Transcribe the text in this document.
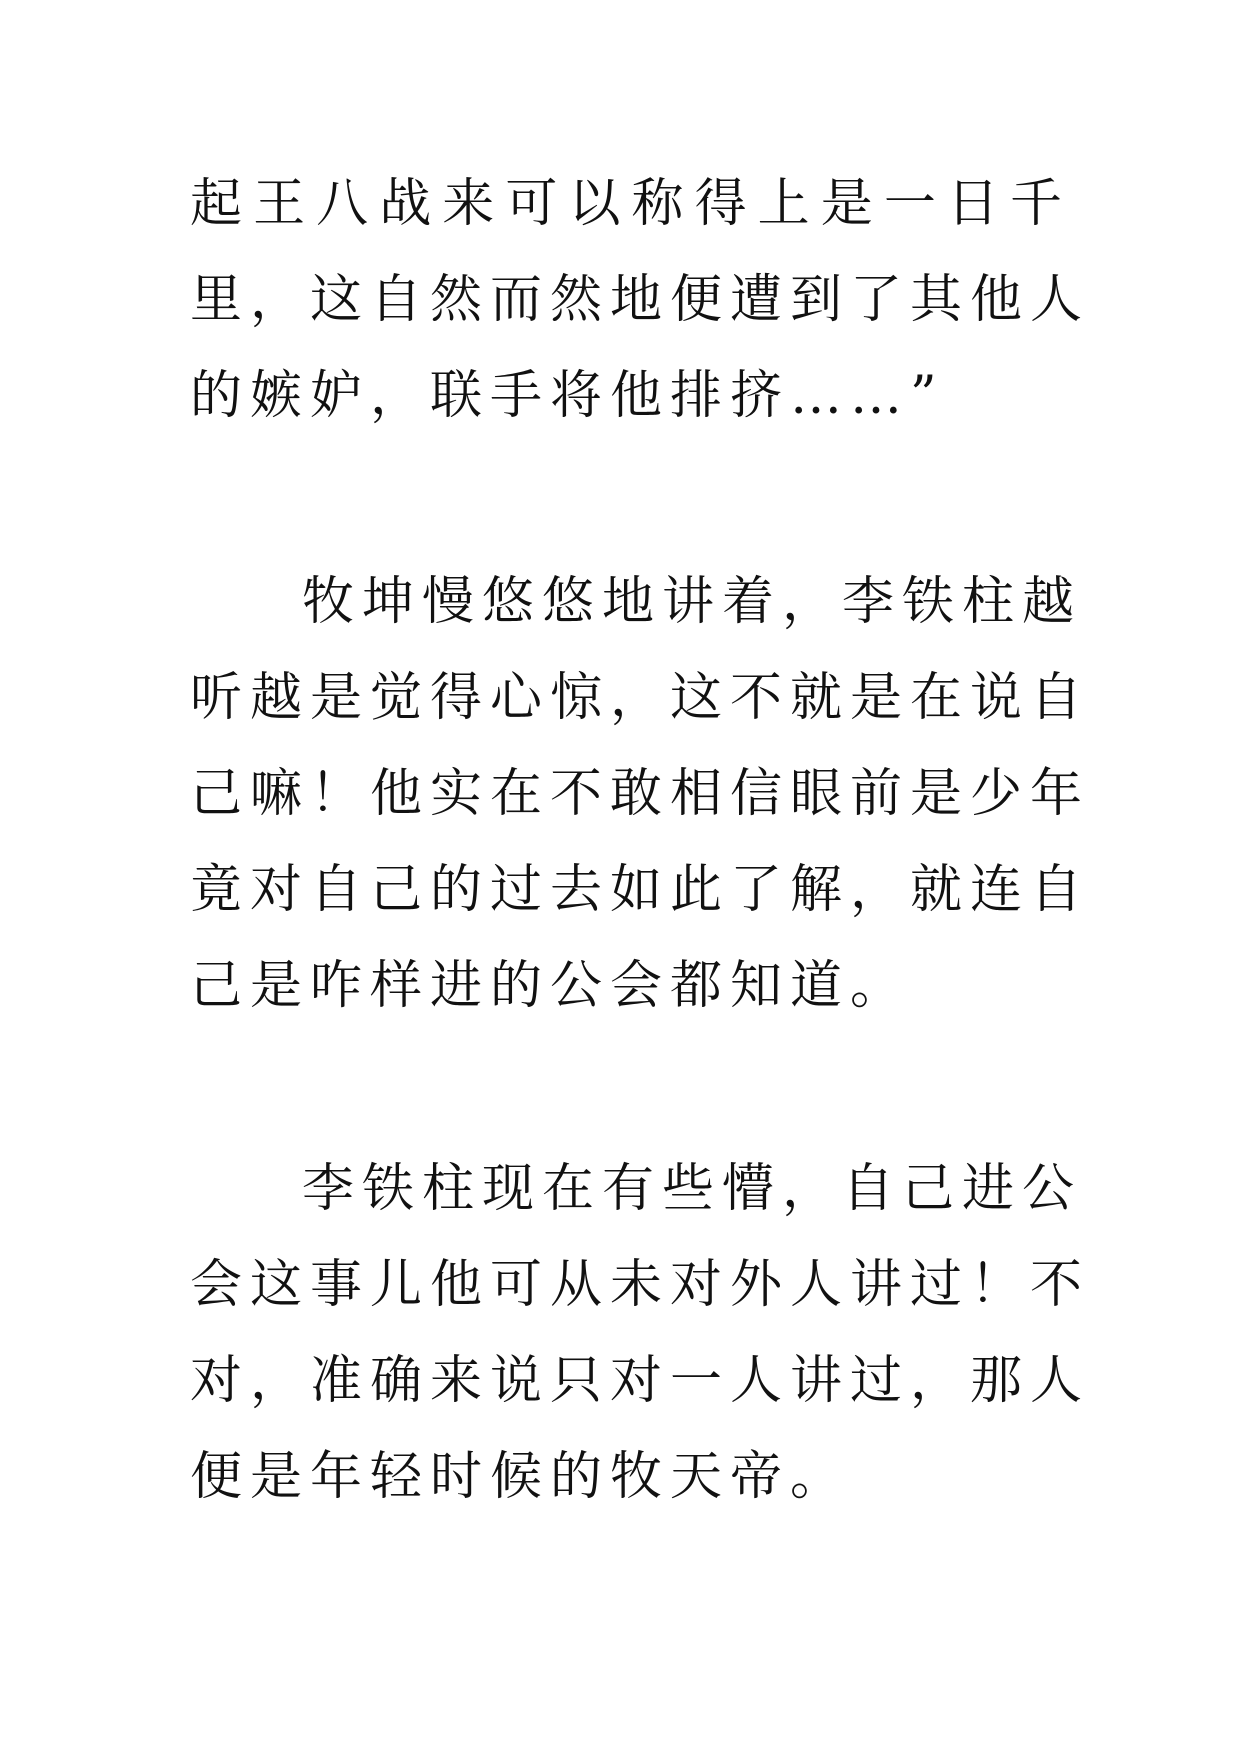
起王八战来可以称得上是一日千
里，这自然而然地便遭到了其他人
的嫉妒，联手将他排挤……”
牧坤慢悠悠地讲着，李铁柱越
听越是觉得心惊，这不就是在说自
己嘛！他实在不敢相信眼前是少年
竟对自己的过去如此了解，就连自
己是咋样进的公会都知道。
李铁柱现在有些懵，自己进公
会这事儿他可从未对外人讲过！不
对，准确来说只对一人讲过，那人
便是年轻时候的牧天帝。
